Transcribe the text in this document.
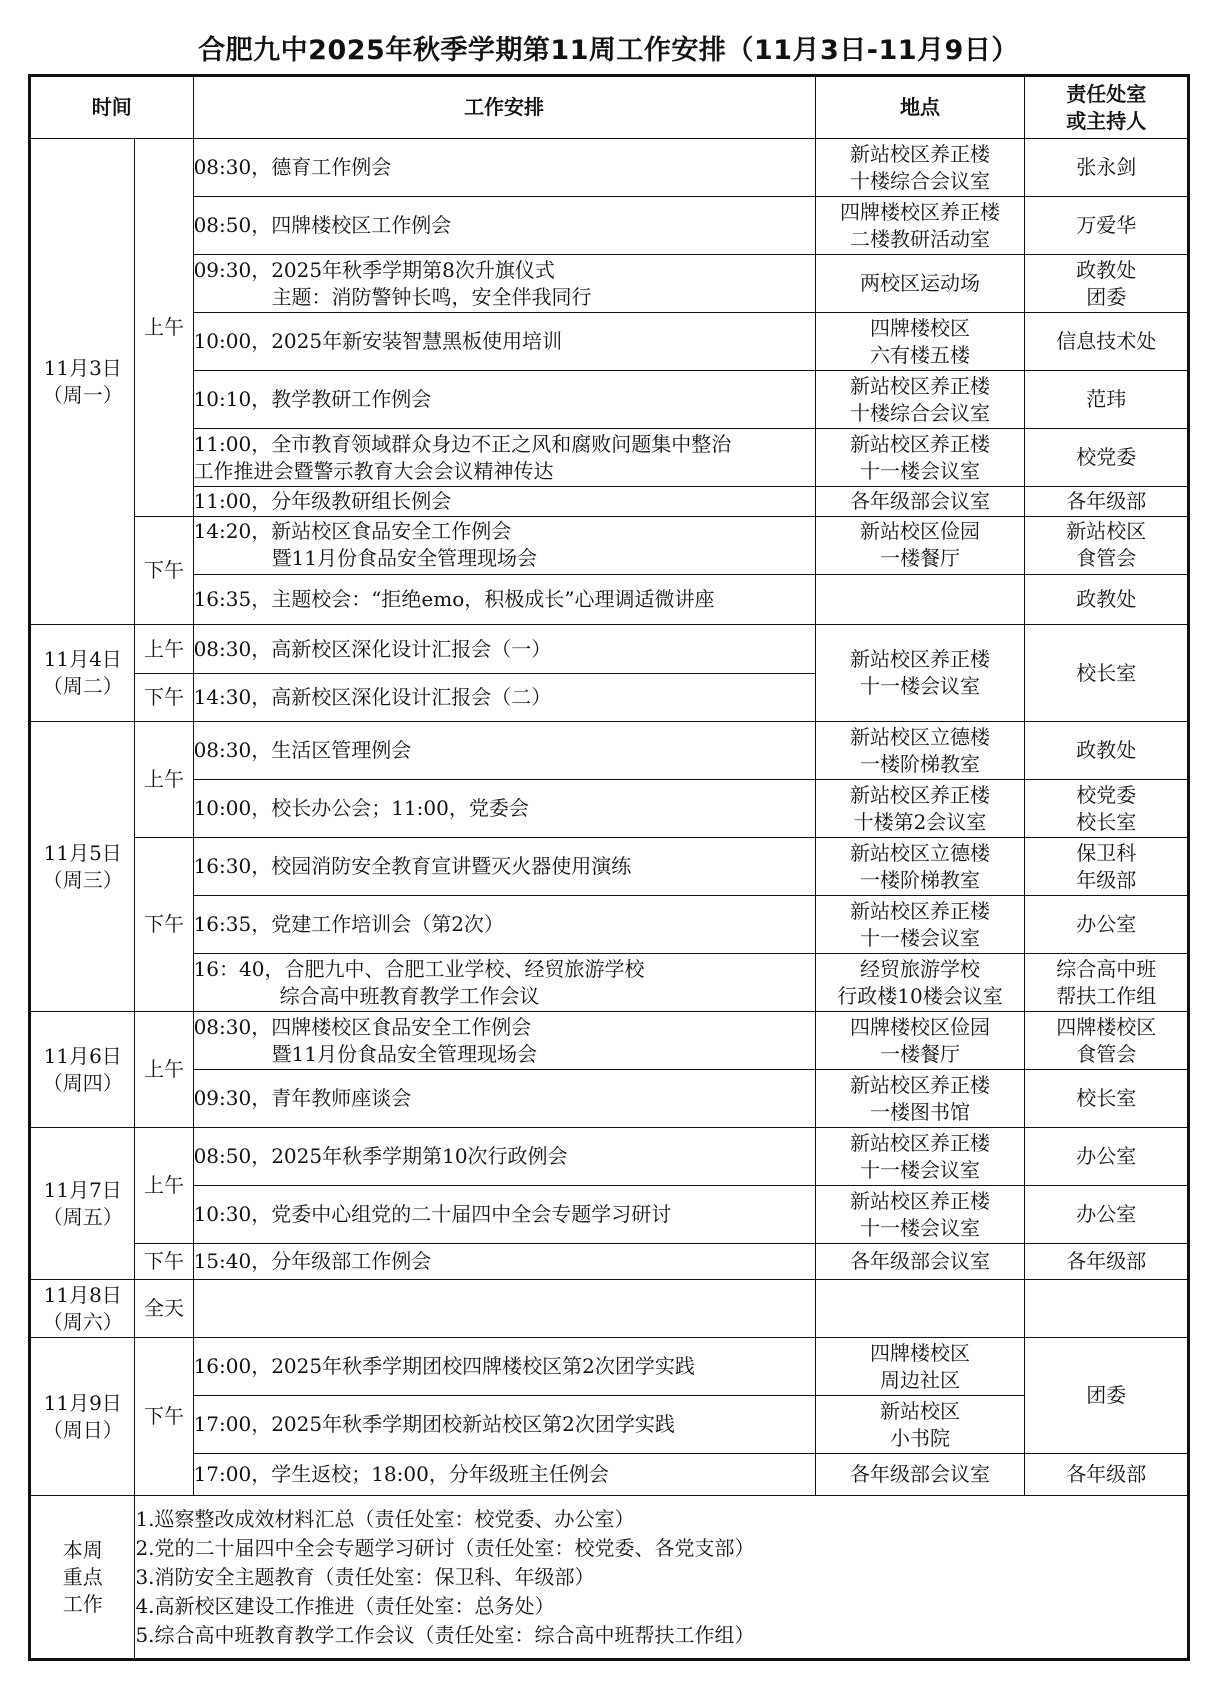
合肥九中2025年秋季学期第11周工作安排（11月3日-11月9日）
时间		工作安排	地点	责任处室
或主持人

11月3日
（周一）	上午	08:30，德育工作例会	新站校区养正楼
十楼综合会议室	张永剑

		08:50，四牌楼校区工作例会	四牌楼校区养正楼
二楼教研活动室	万爱华

		09:30，2025年秋季学期第8次升旗仪式
主题：消防警钟长鸣，安全伴我同行	两校区运动场	政教处
团委

		10:00，2025年新安装智慧黑板使用培训	四牌楼校区
六有楼五楼	信息技术处

		10:10，教学教研工作例会	新站校区养正楼
十楼综合会议室	范玮

		11:00，全市教育领域群众身边不正之风和腐败问题集中整治
工作推进会暨警示教育大会会议精神传达	新站校区养正楼
十一楼会议室	校党委

		11:00，分年级教研组长例会	各年级部会议室	各年级部

	下午	14:20，新站校区食品安全工作例会
暨11月份食品安全管理现场会	新站校区俭园
一楼餐厅	新站校区
食管会

		16:35，主题校会：“拒绝emo，积极成长”心理调适微讲座		政教处

11月4日
（周二）	上午	08:30，高新校区深化设计汇报会（一）	新站校区养正楼
十一楼会议室	校长室

	下午	14:30，高新校区深化设计汇报会（二）		

11月5日
（周三）	上午	08:30，生活区管理例会	新站校区立德楼
一楼阶梯教室	政教处

		10:00，校长办公会；11:00，党委会	新站校区养正楼
十楼第2会议室	校党委
校长室

	下午	16:30，校园消防安全教育宣讲暨灭火器使用演练	新站校区立德楼
一楼阶梯教室	保卫科
年级部

		16:35，党建工作培训会（第2次）	新站校区养正楼
十一楼会议室	办公室

		16：40，合肥九中、合肥工业学校、经贸旅游学校
综合高中班教育教学工作会议	经贸旅游学校
行政楼10楼会议室	综合高中班
帮扶工作组

11月6日
（周四）	上午	08:30，四牌楼校区食品安全工作例会
暨11月份食品安全管理现场会	四牌楼校区俭园
一楼餐厅	四牌楼校区
食管会

		09:30，青年教师座谈会	新站校区养正楼
一楼图书馆	校长室

11月7日
（周五）	上午	08:50，2025年秋季学期第10次行政例会	新站校区养正楼
十一楼会议室	办公室

		10:30，党委中心组党的二十届四中全会专题学习研讨	新站校区养正楼
十一楼会议室	办公室

	下午	15:40，分年级部工作例会	各年级部会议室	各年级部

11月8日
（周六）	全天			

11月9日
（周日）	下午	16:00，2025年秋季学期团校四牌楼校区第2次团学实践	四牌楼校区
周边社区	团委

		17:00，2025年秋季学期团校新站校区第2次团学实践	新站校区
小书院	

		17:00，学生返校；18:00，分年级班主任例会	各年级部会议室	各年级部

本周
重点
工作	1.巡察整改成效材料汇总（责任处室：校党委、办公室）
2.党的二十届四中全会专题学习研讨（责任处室：校党委、各党支部）
3.消防安全主题教育（责任处室：保卫科、年级部）
4.高新校区建设工作推进（责任处室：总务处）
5.综合高中班教育教学工作会议（责任处室：综合高中班帮扶工作组）			
